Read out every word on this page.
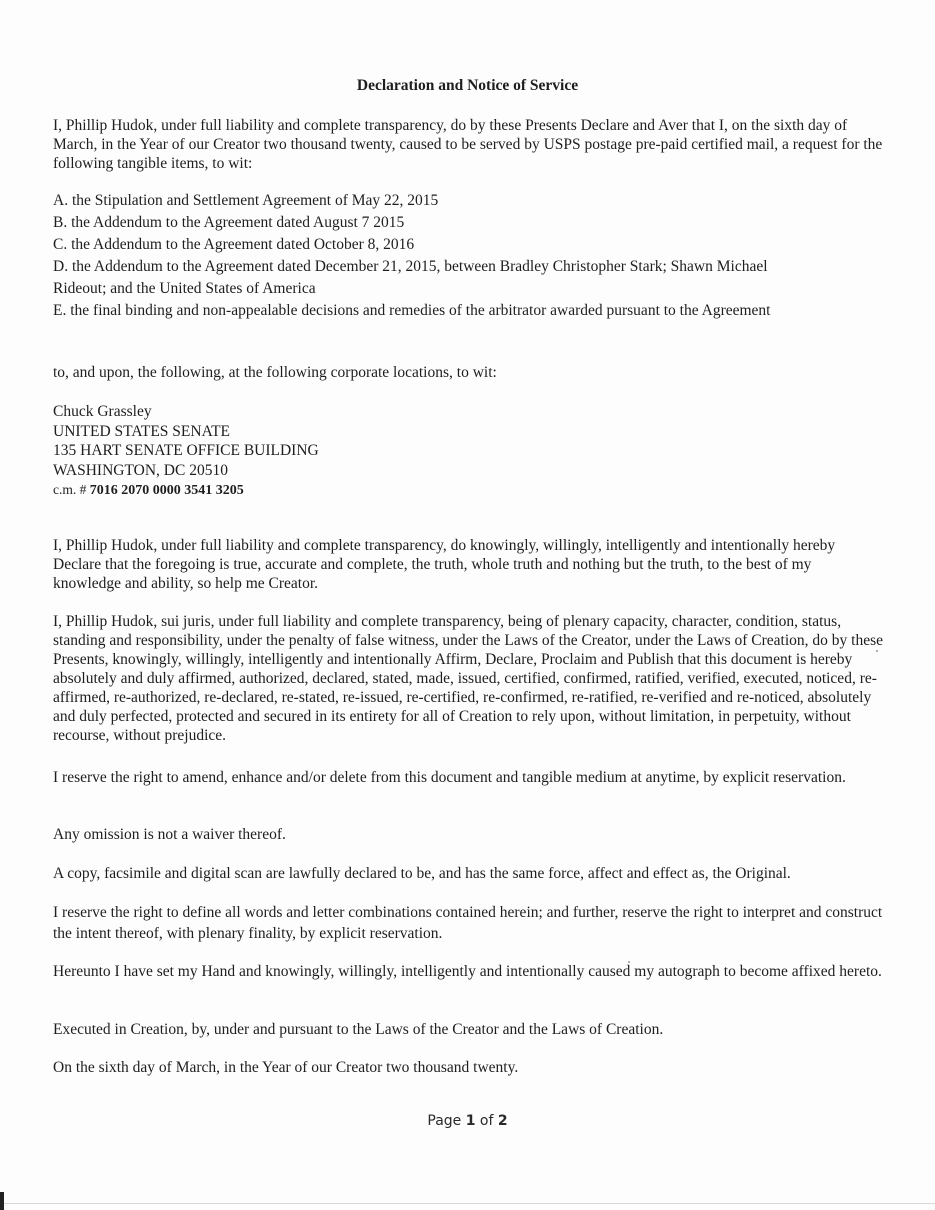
Declaration and Notice of Service
I, Phillip Hudok, under full liability and complete transparency, do by these Presents Declare and Aver that I, on the sixth day of March, in the Year of our Creator two thousand twenty, caused to be served by USPS postage pre-paid certified mail, a request for the following tangible items, to wit:
A. the Stipulation and Settlement Agreement of May 22, 2015
B. the Addendum to the Agreement dated August 7 2015
C. the Addendum to the Agreement dated October 8, 2016
D. the Addendum to the Agreement dated December 21, 2015, between Bradley Christopher Stark; Shawn Michael
Rideout; and the United States of America
E. the final binding and non-appealable decisions and remedies of the arbitrator awarded pursuant to the Agreement
to, and upon, the following, at the following corporate locations, to wit:
Chuck Grassley
UNITED STATES SENATE
135 HART SENATE OFFICE BUILDING
WASHINGTON, DC 20510
c.m. # 7016 2070 0000 3541 3205
I, Phillip Hudok, under full liability and complete transparency, do knowingly, willingly, intelligently and intentionally hereby Declare that the foregoing is true, accurate and complete, the truth, whole truth and nothing but the truth, to the best of my knowledge and ability, so help me Creator.
I, Phillip Hudok, sui juris, under full liability and complete transparency, being of plenary capacity, character, condition, status, standing and responsibility, under the penalty of false witness, under the Laws of the Creator, under the Laws of Creation, do by these Presents, knowingly, willingly, intelligently and intentionally Affirm, Declare, Proclaim and Publish that this document is hereby absolutely and duly affirmed, authorized, declared, stated, made, issued, certified, confirmed, ratified, verified, executed, noticed, re-affirmed, re-authorized, re-declared, re-stated, re-issued, re-certified, re-confirmed, re-ratified, re-verified and re-noticed, absolutely and duly perfected, protected and secured in its entirety for all of Creation to rely upon, without limitation, in perpetuity, without recourse, without prejudice.
I reserve the right to amend, enhance and/or delete from this document and tangible medium at anytime, by explicit reservation.
Any omission is not a waiver thereof.
A copy, facsimile and digital scan are lawfully declared to be, and has the same force, affect and effect as, the Original.
I reserve the right to define all words and letter combinations contained herein; and further, reserve the right to interpret and construct the intent thereof, with plenary finality, by explicit reservation.
Hereunto I have set my Hand and knowingly, willingly, intelligently and intentionally caused my autograph to become affixed hereto.
Executed in Creation, by, under and pursuant to the Laws of the Creator and the Laws of Creation.
On the sixth day of March, in the Year of our Creator two thousand twenty.
Page 1 of 2
